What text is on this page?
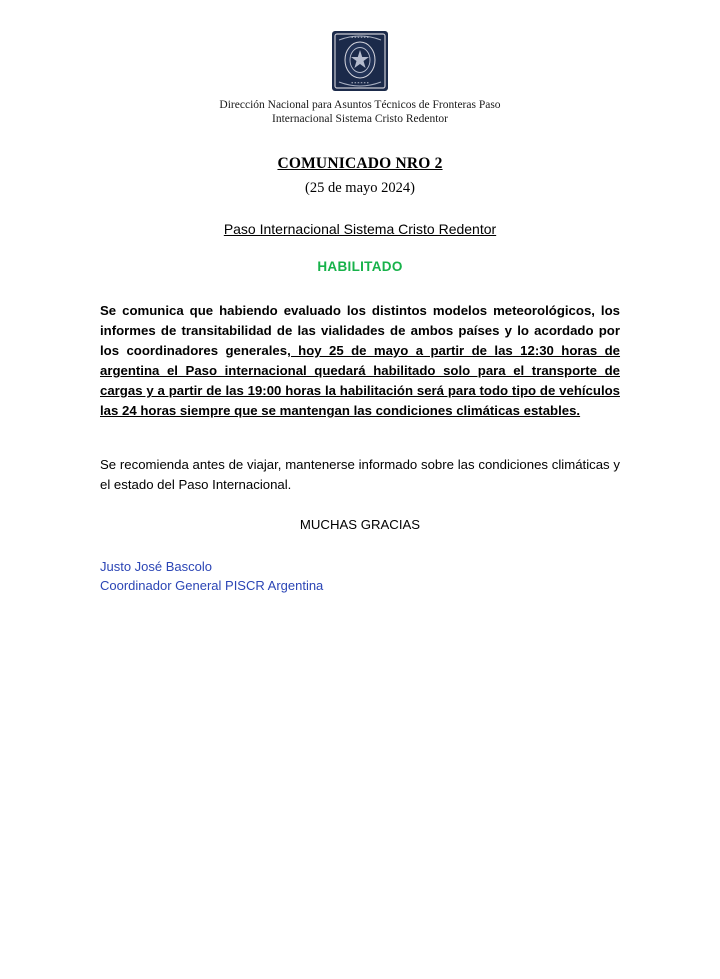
* * * * * *
* * * * * *
Dirección Nacional para Asuntos Técnicos de Fronteras Paso Internacional Sistema Cristo Redentor
COMUNICADO NRO 2
(25 de mayo 2024)
Paso Internacional Sistema Cristo Redentor
HABILITADO

Se comunica que habiendo evaluado los distintos modelos meteorológicos, los informes de transitabilidad de las vialidades de ambos países y lo acordado por los coordinadores generales, hoy 25 de mayo a partir de las 12:30 horas de argentina el Paso internacional quedará habilitado solo para el transporte de cargas y a partir de las 19:00 horas la habilitación será para todo tipo de vehículos las 24 horas siempre que se mantengan las condiciones climáticas estables.

Se recomienda antes de viajar, mantenerse informado sobre las condiciones climáticas y el estado del Paso Internacional.

MUCHAS GRACIAS
Justo José Bascolo
Coordinador General PISCR Argentina
